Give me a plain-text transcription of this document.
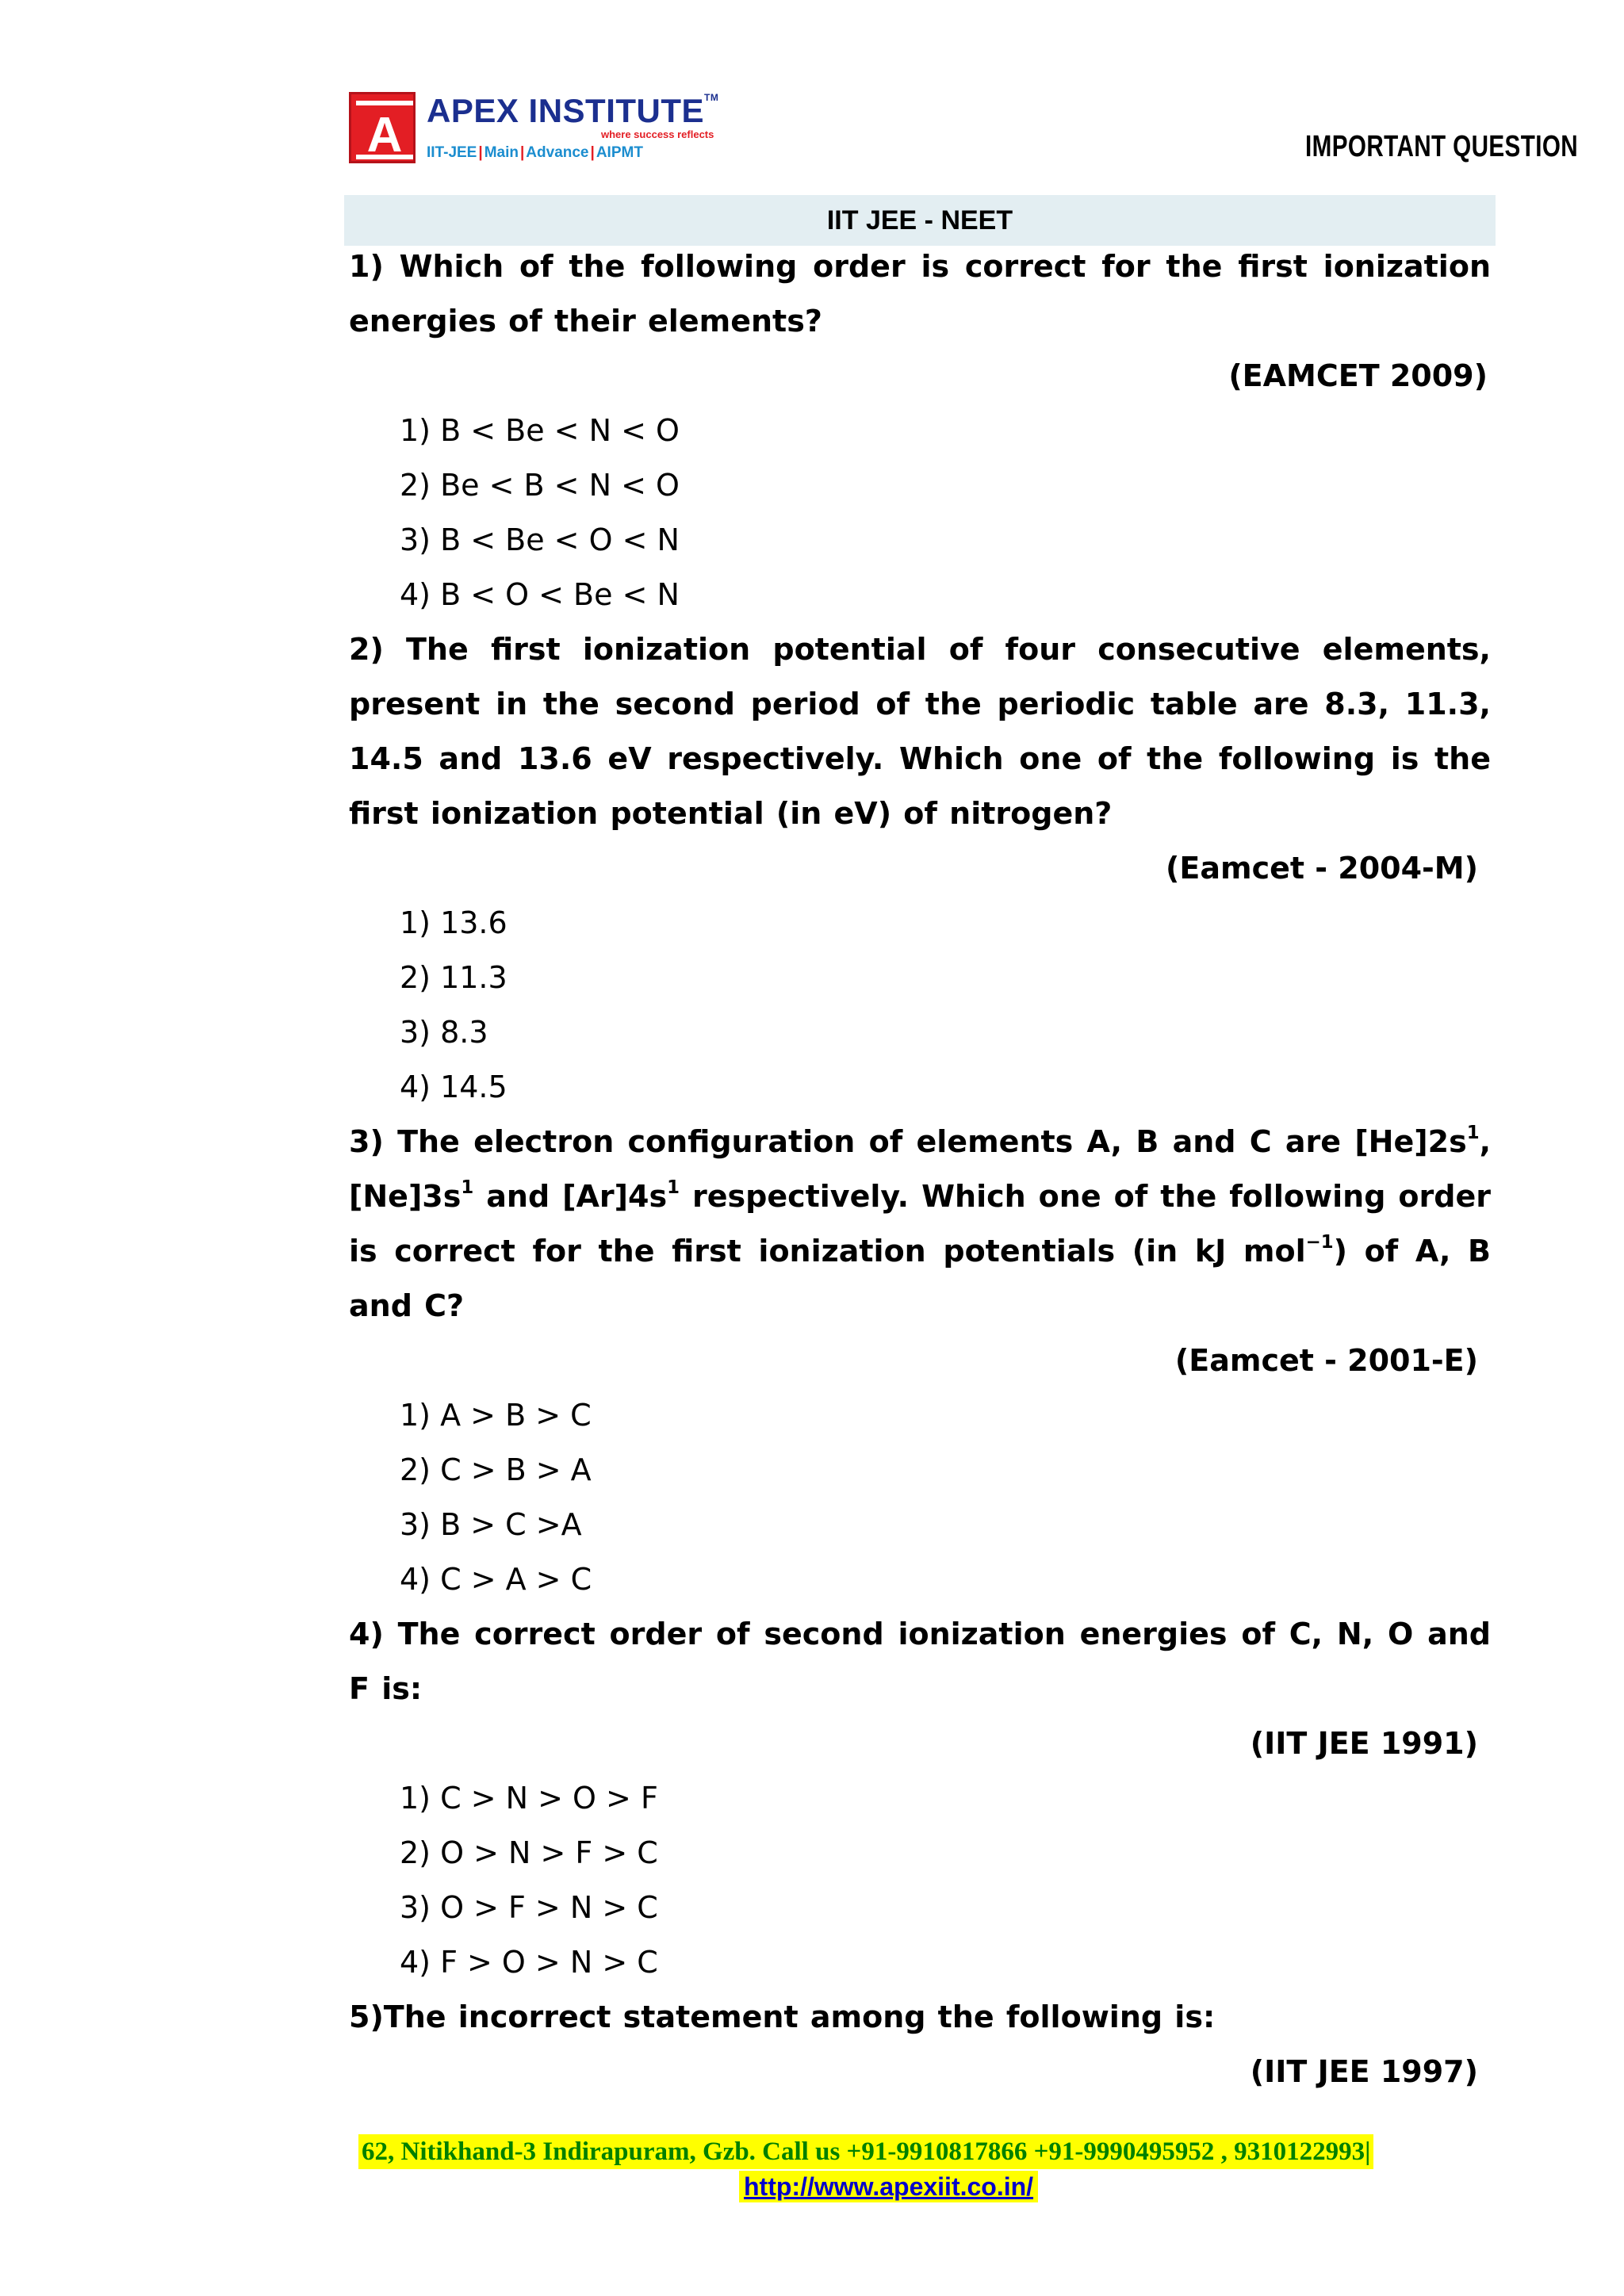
A APEX INSTITUTE™
where success reflects
IIT-JEE | Main | Advance | AIPMT	IMPORTANT QUESTION
IIT JEE - NEET
1) Which of the following order is correct for the first ionization energies of their elements?
(EAMCET 2009)
1) B < Be < N < O
2) Be < B < N < O
3) B < Be < O < N
4) B < O < Be < N
2) The first ionization potential of four consecutive elements, present in the second period of the periodic table are 8.3, 11.3, 14.5 and 13.6 eV respectively. Which one of the following is the first ionization potential (in eV) of nitrogen?
(Eamcet - 2004-M)
1) 13.6
2) 11.3
3) 8.3
4) 14.5
3) The electron configuration of elements A, B and C are $[He]2s^1$, $[Ne]3s^1$ and $[Ar]4s^1$ respectively. Which one of the following order is correct for the first ionization potentials (in kJ mol$^{-1}$) of A, B and C?
(Eamcet - 2001-E)
1) A > B > C
2) C > B > A
3) B > C >A
4) C > A > C
4) The correct order of second ionization energies of C, N, O and F is:
(IIT JEE 1991)
1) C > N > O > F
2) O > N > F > C
3) O > F > N > C
4) F > O > N > C
5)The incorrect statement among the following is:
(IIT JEE 1997)
62, Nitikhand-3 Indirapuram, Gzb. Call us +91-9910817866 +91-9990495952 , 9310122993|
http://www.apexiit.co.in/
